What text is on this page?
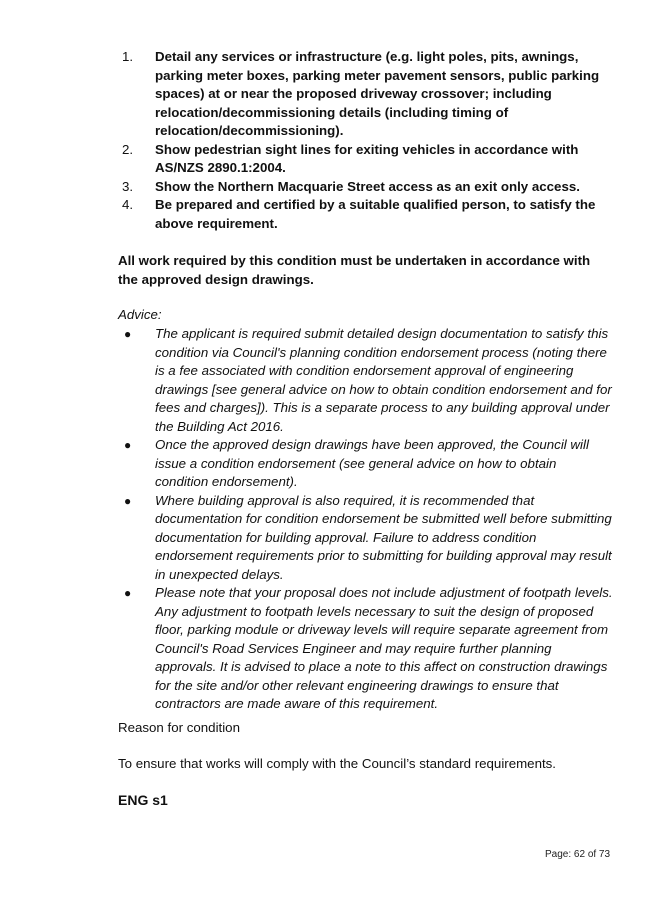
1. Detail any services or infrastructure (e.g. light poles, pits, awnings, parking meter boxes, parking meter pavement sensors, public parking spaces) at or near the proposed driveway crossover; including relocation/decommissioning details (including timing of relocation/decommissioning).
2. Show pedestrian sight lines for exiting vehicles in accordance with AS/NZS 2890.1:2004.
3. Show the Northern Macquarie Street access as an exit only access.
4. Be prepared and certified by a suitable qualified person, to satisfy the above requirement.

All work required by this condition must be undertaken in accordance with the approved design drawings.

Advice:

● The applicant is required submit detailed design documentation to satisfy this condition via Council's planning condition endorsement process (noting there is a fee associated with condition endorsement approval of engineering drawings [see general advice on how to obtain condition endorsement and for fees and charges]). This is a separate process to any building approval under the Building Act 2016.
● Once the approved design drawings have been approved, the Council will issue a condition endorsement (see general advice on how to obtain condition endorsement).
● Where building approval is also required, it is recommended that documentation for condition endorsement be submitted well before submitting documentation for building approval. Failure to address condition endorsement requirements prior to submitting for building approval may result in unexpected delays.
● Please note that your proposal does not include adjustment of footpath levels. Any adjustment to footpath levels necessary to suit the design of proposed floor, parking module or driveway levels will require separate agreement from Council's Road Services Engineer and may require further planning approvals. It is advised to place a note to this affect on construction drawings for the site and/or other relevant engineering drawings to ensure that contractors are made aware of this requirement.

Reason for condition

To ensure that works will comply with the Council’s standard requirements.

ENG s1

Page: 62 of 73
